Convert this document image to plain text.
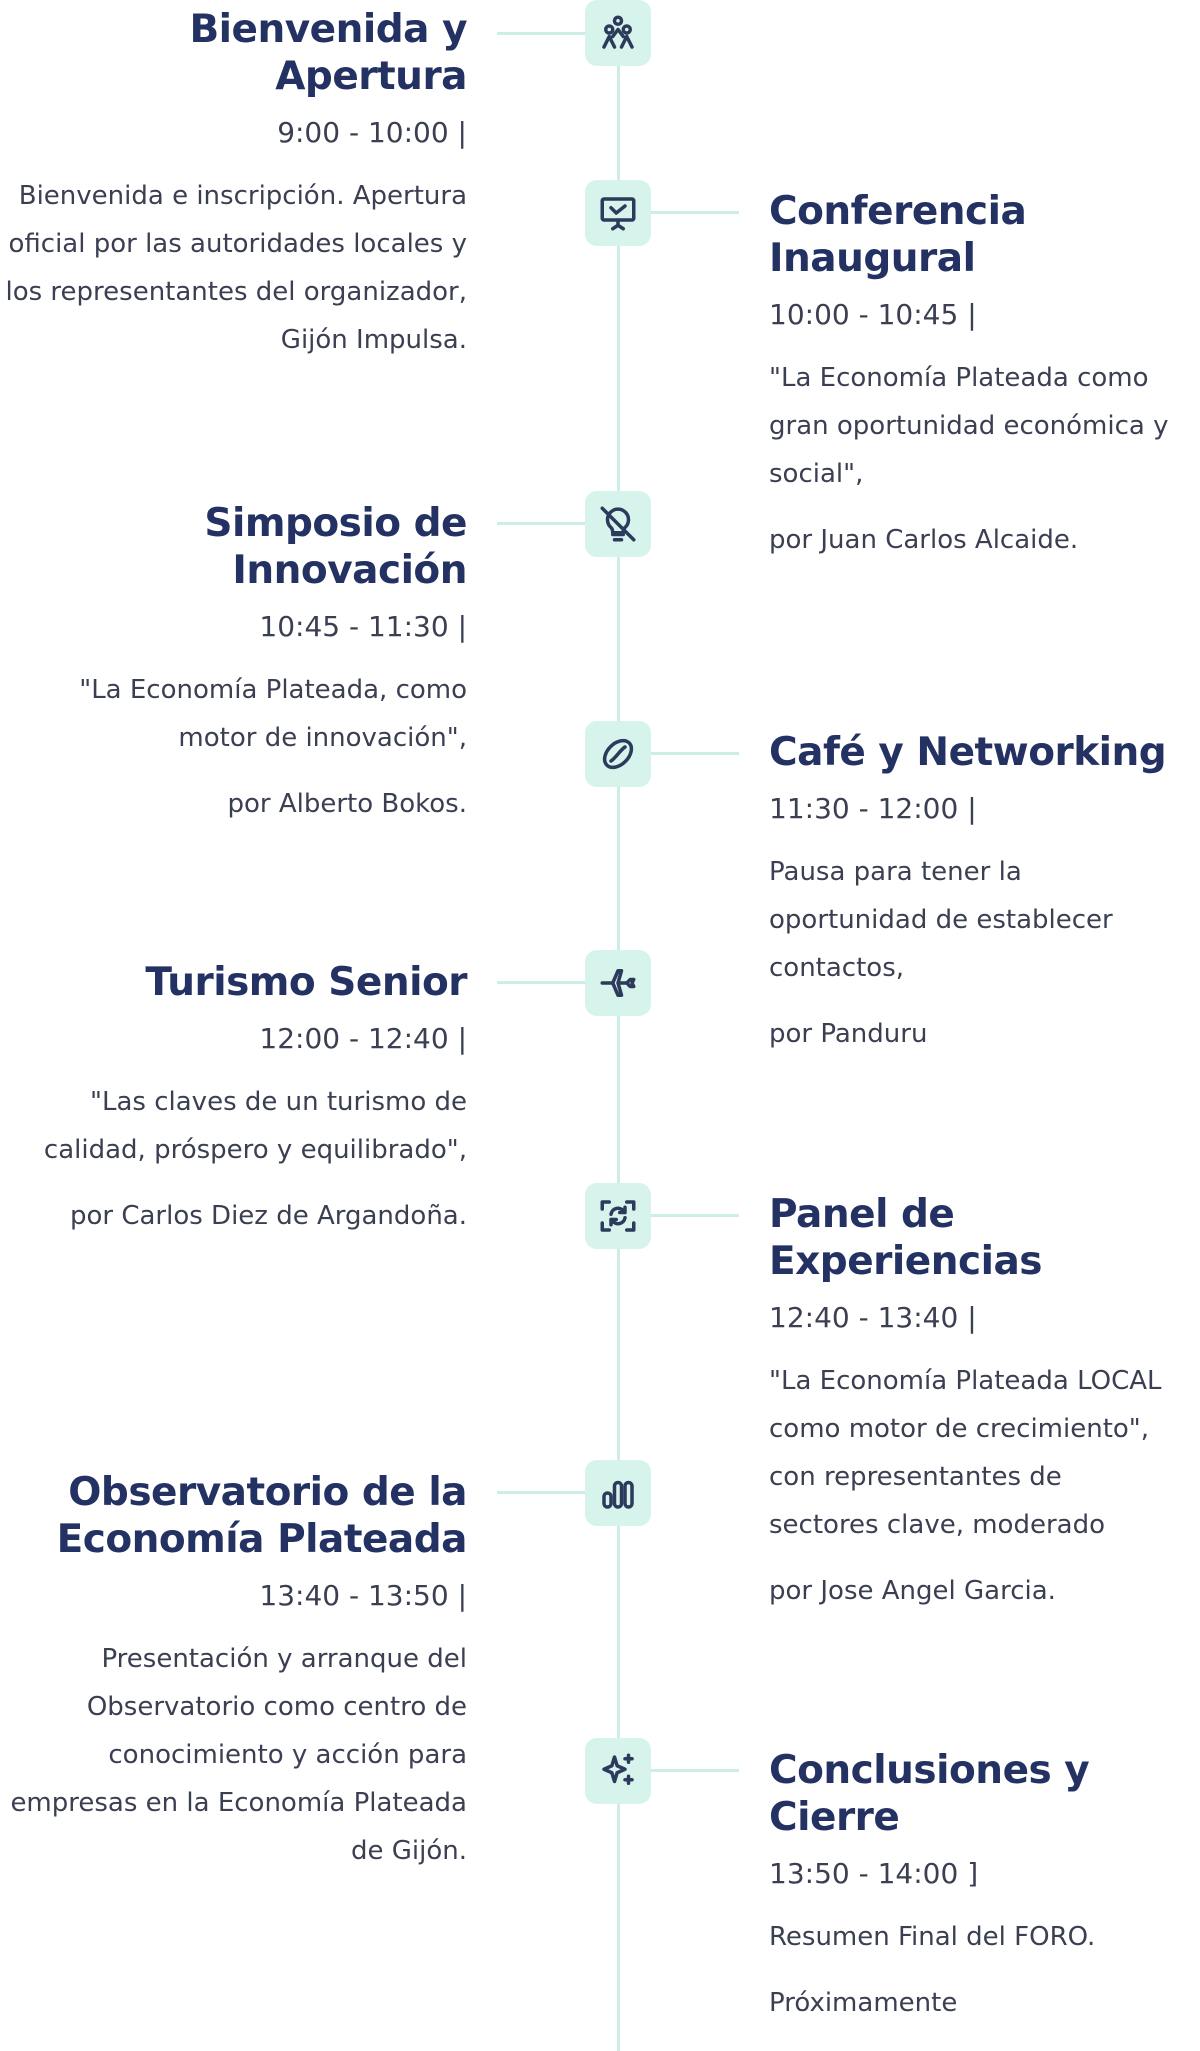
Bienvenida y Apertura
9:00 - 10:00 |

Bienvenida e inscripción. Apertura oficial por las autoridades locales y los representantes del organizador, Gijón Impulsa.

Conferencia Inaugural
10:00 - 10:45 |

"La Economía Plateada como gran oportunidad económica y social",

por Juan Carlos Alcaide.

Simposio de Innovación
10:45 - 11:30 |

"La Economía Plateada, como motor de innovación",

por Alberto Bokos.

Café y Networking
11:30 - 12:00 |

Pausa para tener la oportunidad de establecer contactos,

por Panduru

Turismo Senior
12:00 - 12:40 |

"Las claves de un turismo de calidad, próspero y equilibrado",

por Carlos Diez de Argandoña.	Panel de Experiencias
12:40 - 13:40 |

"La Economía Plateada LOCAL como motor de crecimiento", con representantes de sectores clave, moderado

por Jose Angel Garcia.

Observatorio de la Economía Plateada
13:40 - 13:50 |

Presentación y arranque del Observatorio como centro de conocimiento y acción para empresas en la Economía Plateada de Gijón.

Conclusiones y Cierre
13:50 - 14:00 ]

Resumen Final del FORO.

Próximamente
